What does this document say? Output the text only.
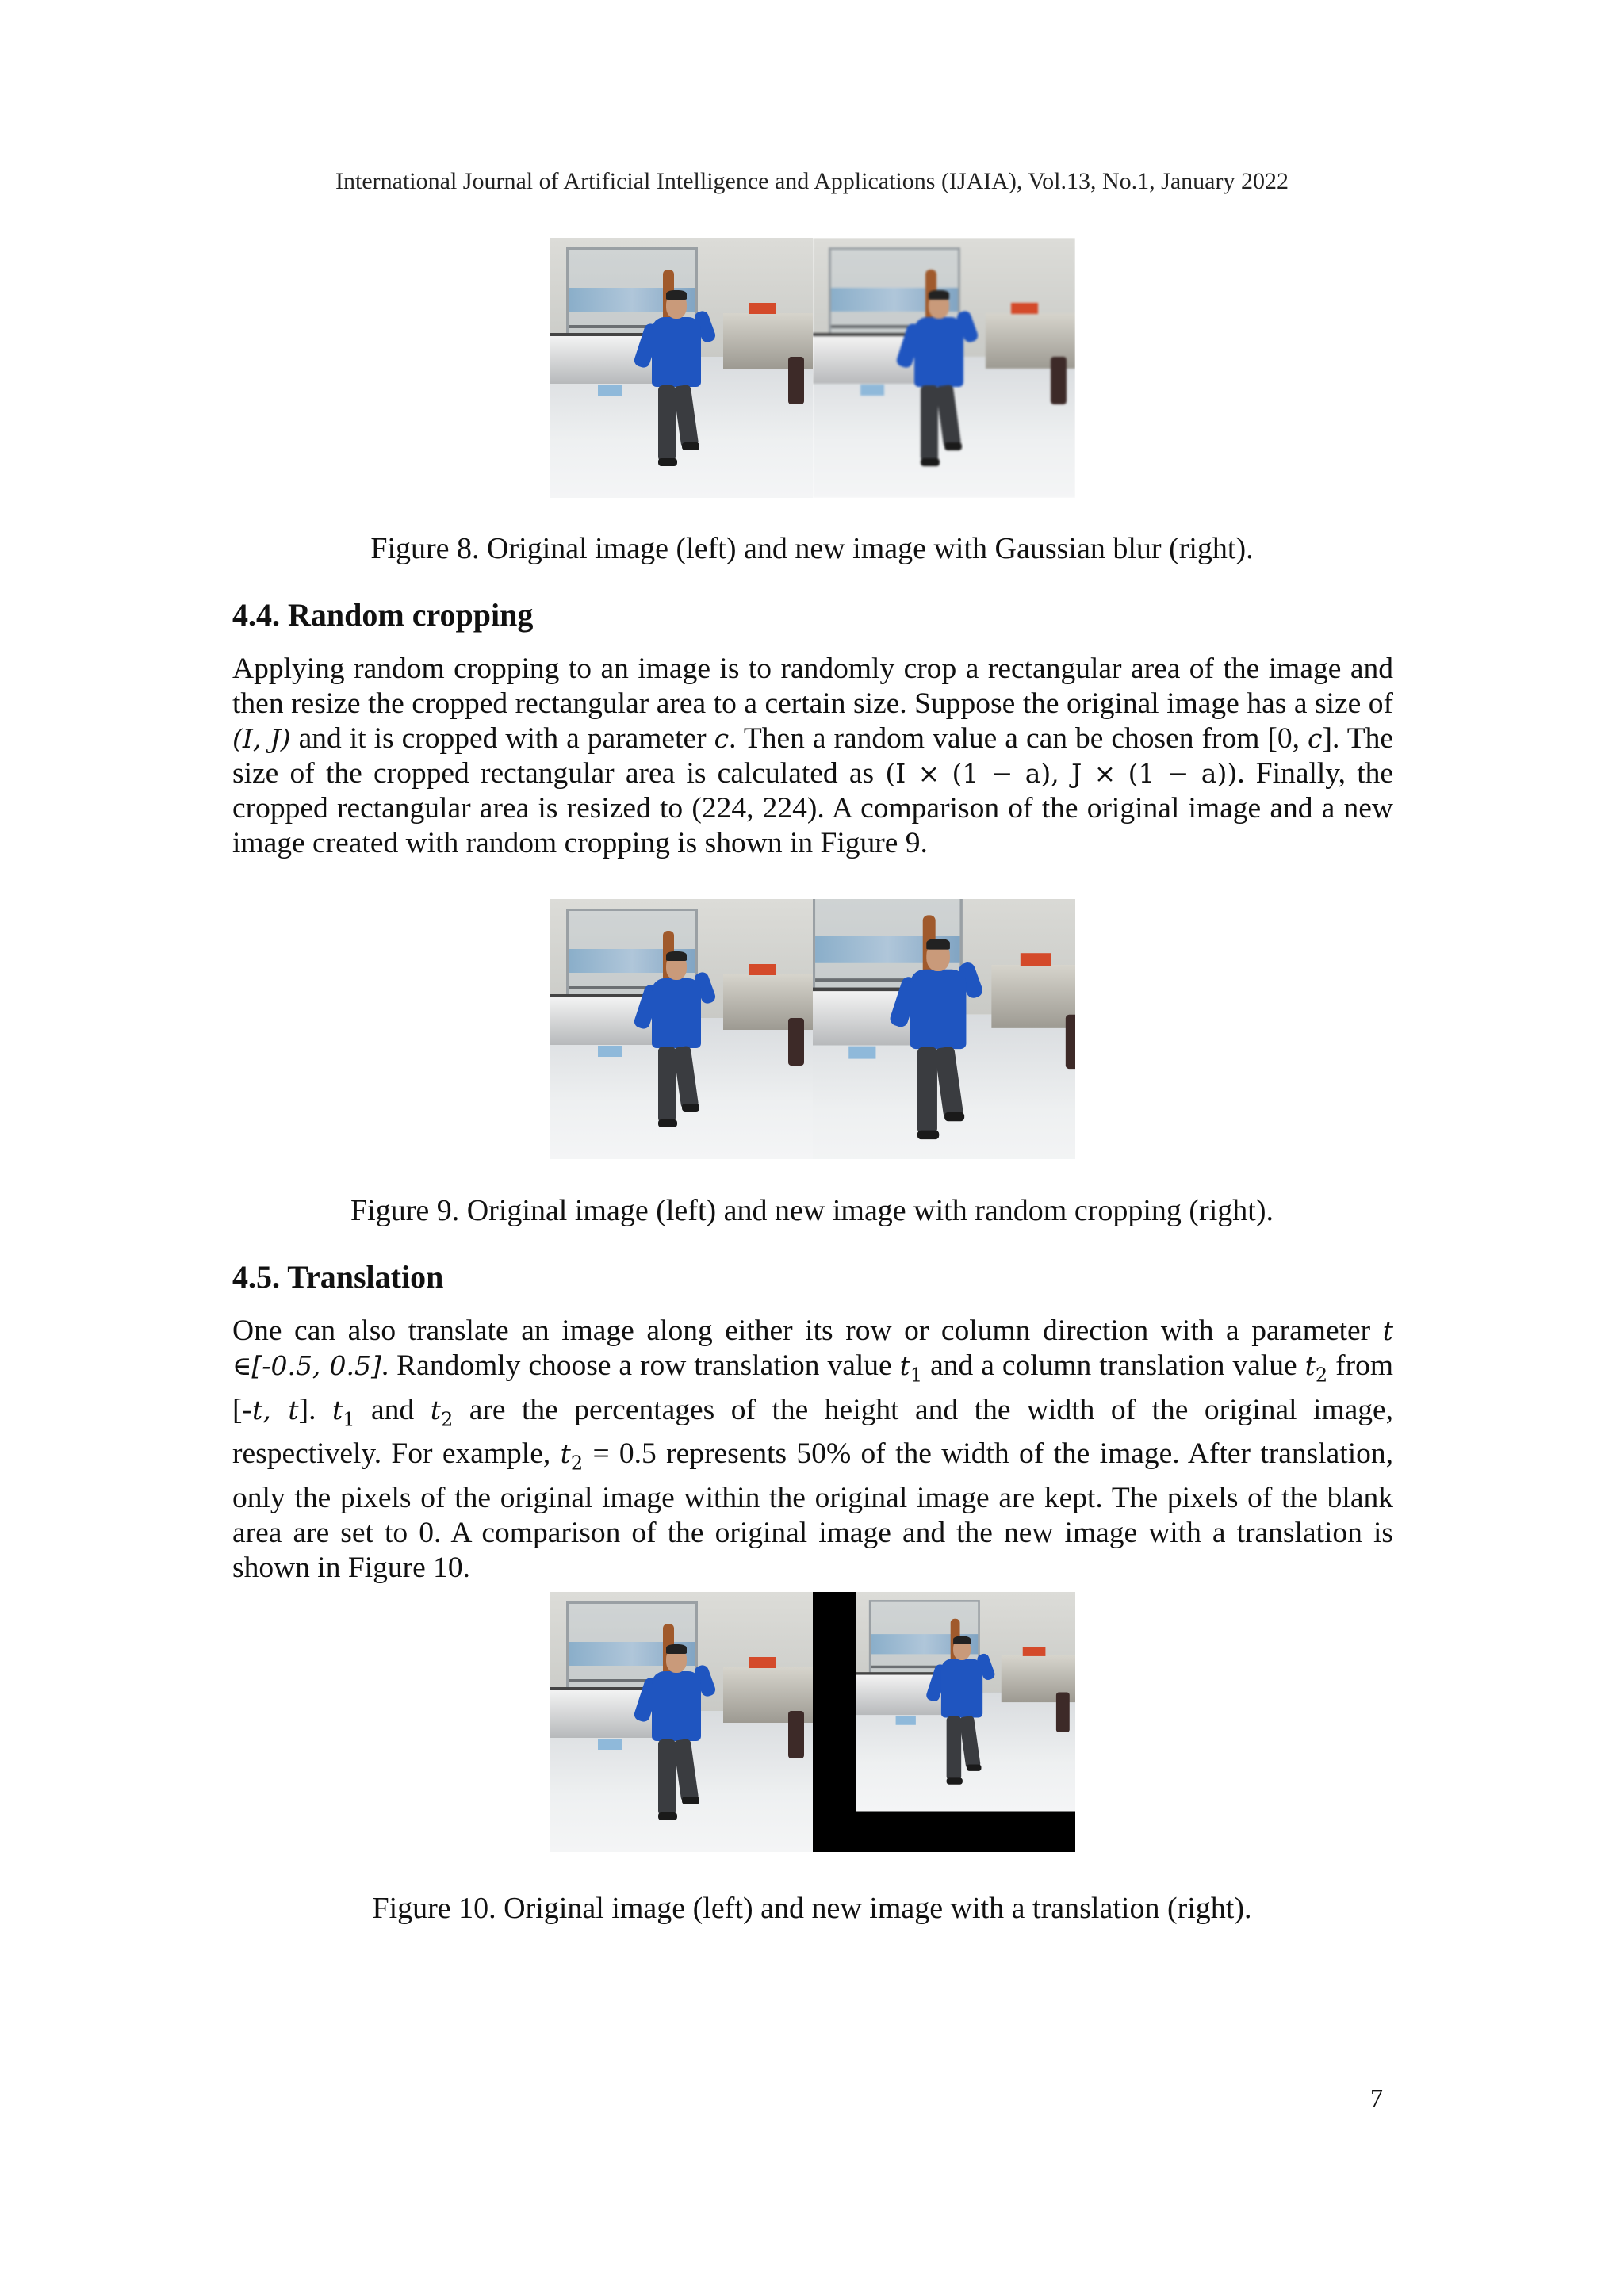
International Journal of Artificial Intelligence and Applications (IJAIA), Vol.13, No.1, January 2022
Figure 8. Original image (left) and new image with Gaussian blur (right).
4.4. Random cropping
Applying random cropping to an image is to randomly crop a rectangular area of the image and then resize the cropped rectangular area to a certain size. Suppose the original image has a size of (I, J) and it is cropped with a parameter c. Then a random value a can be chosen from [0, c]. The size of the cropped rectangular area is calculated as (I × (1 − a), J × (1 − a)). Finally, the cropped rectangular area is resized to (224, 224). A comparison of the original image and a new image created with random cropping is shown in Figure 9.
Figure 9. Original image (left) and new image with random cropping (right).
4.5. Translation
One can also translate an image along either its row or column direction with a parameter t ∈[-0.5, 0.5]. Randomly choose a row translation value $t_1$ and a column translation value $t_2$ from [-t, t]. $t_1$ and $t_2$ are the percentages of the height and the width of the original image, respectively. For example, $t_2 = 0.5$ represents 50% of the width of the image. After translation, only the pixels of the original image within the original image are kept. The pixels of the blank area are set to 0. A comparison of the original image and the new image with a translation is shown in Figure 10.
Figure 10. Original image (left) and new image with a translation (right).
7
